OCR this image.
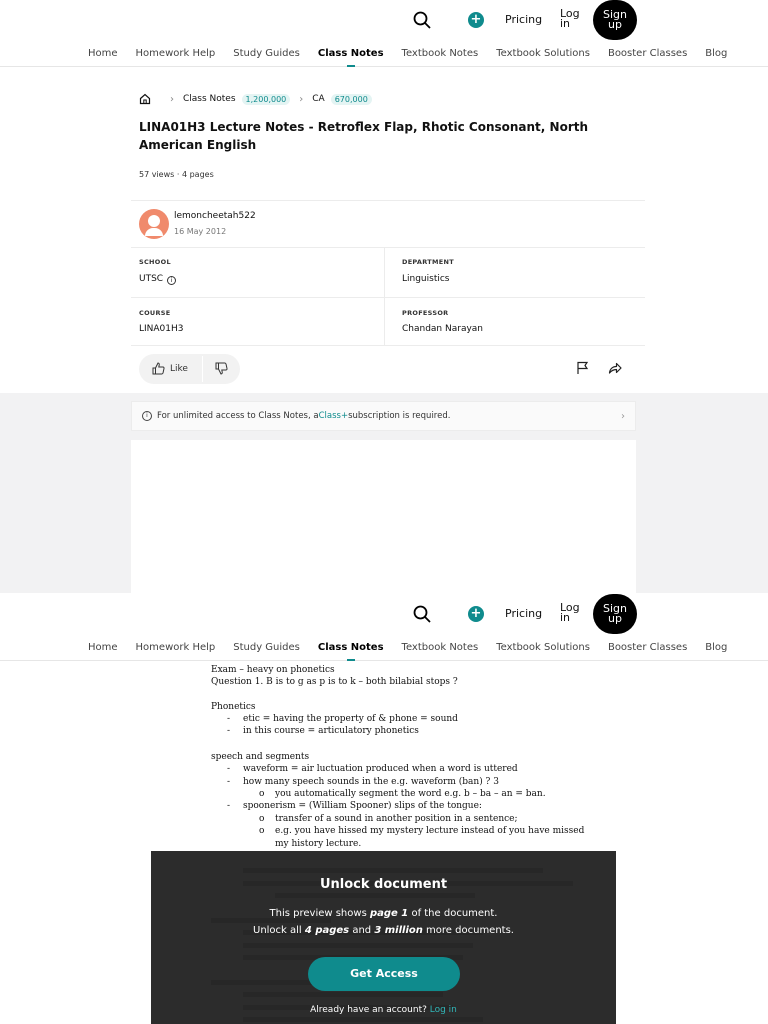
+ Pricing Log in
Sign up
Home Homework Help Study Guides Class Notes Textbook Notes Textbook Solutions Booster Classes Blog
› Class Notes	1,200,000	› CA	670,000
LINA01H3 Lecture Notes - Retroflex Flap, Rhotic Consonant, North American English
57 views · 4 pages
lemoncheetah522
16 May 2012
SCHOOL
UTSC i
DEPARTMENT
Linguistics
COURSE
LINA01H3
PROFESSOR
Chandan Narayan
Like
i	For unlimited access to Class Notes, a Class+ subscription is required.	›
+ Pricing Log in
Sign up
Home Homework Help Study Guides Class Notes Textbook Notes Textbook Solutions Booster Classes Blog
Exam – heavy on phonetics
Question 1. B is to g as p is to k – both bilabial stops ?
Phonetics
- etic = having the property of & phone = sound
- in this course = articulatory phonetics
speech and segments
- waveform = air luctuation produced when a word is uttered
- how many speech sounds in the e.g. waveform (ban) ? 3
o you automatically segment the word e.g. b – ba – an = ban.
- spoonerism = (William Spooner) slips of the tongue:
o transfer of a sound in another position in a sentence;
o e.g. you have hissed my mystery lecture instead of you have missed
my history lecture.
Unlock document
This preview shows page 1 of the document.
Unlock all 4 pages and 3 million more documents.
Get Access
Already have an account? Log in
